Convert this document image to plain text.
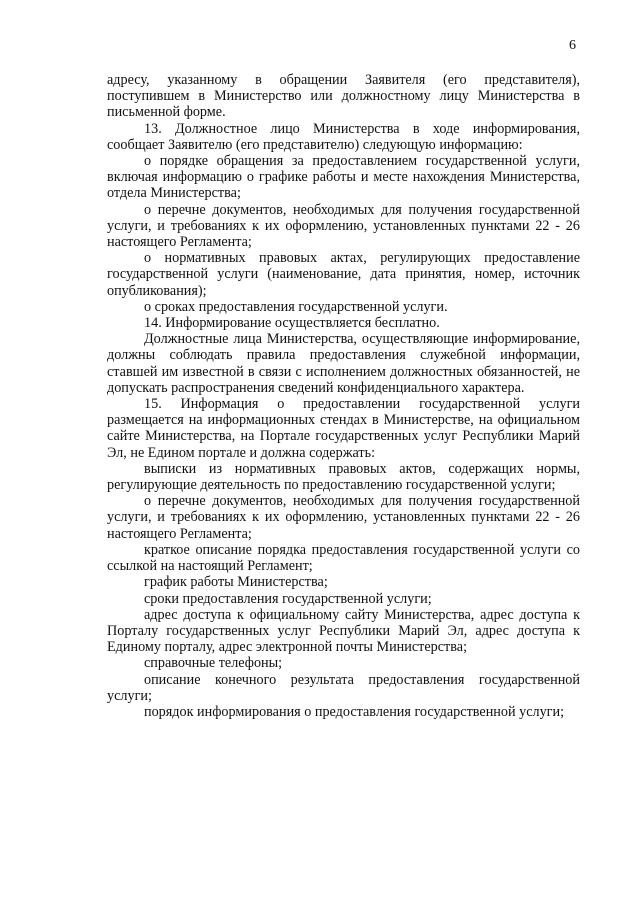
6

адресу, указанному в обращении Заявителя (его представителя), поступившем в Министерство или должностному лицу Министерства в письменной форме.

13. Должностное лицо Министерства в ходе информирования, сообщает Заявителю (его представителю) следующую информацию:

о порядке обращения за предоставлением государственной услуги, включая информацию о графике работы и месте нахождения Министерства, отдела Министерства;

о перечне документов, необходимых для получения государственной услуги, и требованиях к их оформлению, установленных пунктами 22 - 26 настоящего Регламента;

о нормативных правовых актах, регулирующих предоставление государственной услуги (наименование, дата принятия, номер, источник опубликования);

о сроках предоставления государственной услуги.

14. Информирование осуществляется бесплатно.

Должностные лица Министерства, осуществляющие информирование, должны соблюдать правила предоставления служебной информации, ставшей им известной в связи с исполнением должностных обязанностей, не допускать распространения сведений конфиденциального характера.

15. Информация о предоставлении государственной услуги размещается на информационных стендах в Министерстве, на официальном сайте Министерства, на Портале государственных услуг Республики Марий Эл, не Едином портале и должна содержать:

выписки из нормативных правовых актов, содержащих нормы, регулирующие деятельность по предоставлению государственной услуги;

о перечне документов, необходимых для получения государственной услуги, и требованиях к их оформлению, установленных пунктами 22 - 26 настоящего Регламента;

краткое описание порядка предоставления государственной услуги со ссылкой на настоящий Регламент;

график работы Министерства;

сроки предоставления государственной услуги;

адрес доступа к официальному сайту Министерства, адрес доступа к Порталу государственных услуг Республики Марий Эл, адрес доступа к Единому порталу, адрес электронной почты Министерства;

справочные телефоны;

описание конечного результата предоставления государственной услуги;

порядок информирования о предоставления государственной услуги;
